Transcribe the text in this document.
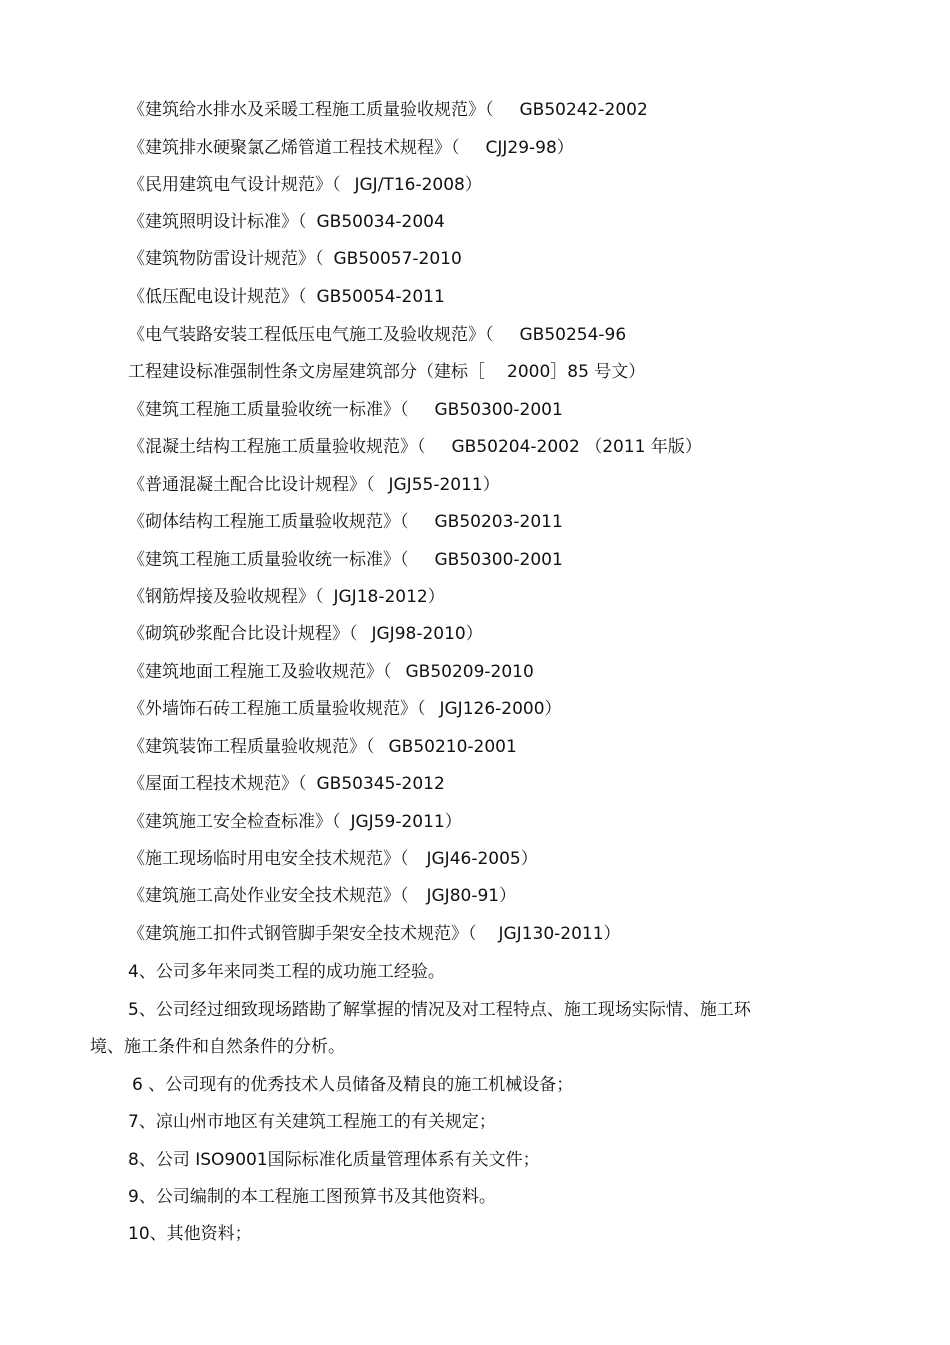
《建筑给水排水及采暖工程施工质量验收规范》（ GB50242-2002
《建筑排水硬聚氯乙烯管道工程技术规程》（ CJJ29-98）
《民用建筑电气设计规范》（ JGJ/T16-2008）
《建筑照明设计标准》（ GB50034-2004
《建筑物防雷设计规范》（ GB50057-2010
《低压配电设计规范》（ GB50054-2011
《电气装路安装工程低压电气施工及验收规范》（ GB50254-96
工程建设标准强制性条文房屋建筑部分（建标［ 2000］85 号文）
《建筑工程施工质量验收统一标准》（ GB50300-2001
《混凝土结构工程施工质量验收规范》（ GB50204-2002 （2011 年版）
《普通混凝土配合比设计规程》（ JGJ55-2011）
《砌体结构工程施工质量验收规范》（ GB50203-2011
《建筑工程施工质量验收统一标准》（ GB50300-2001
《钢筋焊接及验收规程》（ JGJ18-2012）
《砌筑砂浆配合比设计规程》（ JGJ98-2010）
《建筑地面工程施工及验收规范》（ GB50209-2010
《外墙饰石砖工程施工质量验收规范》（ JGJ126-2000）
《建筑装饰工程质量验收规范》（ GB50210-2001
《屋面工程技术规范》（ GB50345-2012
《建筑施工安全检查标准》（ JGJ59-2011）
《施工现场临时用电安全技术规范》（ JGJ46-2005）
《建筑施工高处作业安全技术规范》（ JGJ80-91）
《建筑施工扣件式钢管脚手架安全技术规范》（ JGJ130-2011）
4、公司多年来同类工程的成功施工经验。
5、公司经过细致现场踏勘了解掌握的情况及对工程特点、施工现场实际情、施工环
境、施工条件和自然条件的分析。
6 、公司现有的优秀技术人员储备及精良的施工机械设备；
7、凉山州市地区有关建筑工程施工的有关规定；
8、公司 ISO9001国际标准化质量管理体系有关文件；
9、公司编制的本工程施工图预算书及其他资料。
10、其他资料；
